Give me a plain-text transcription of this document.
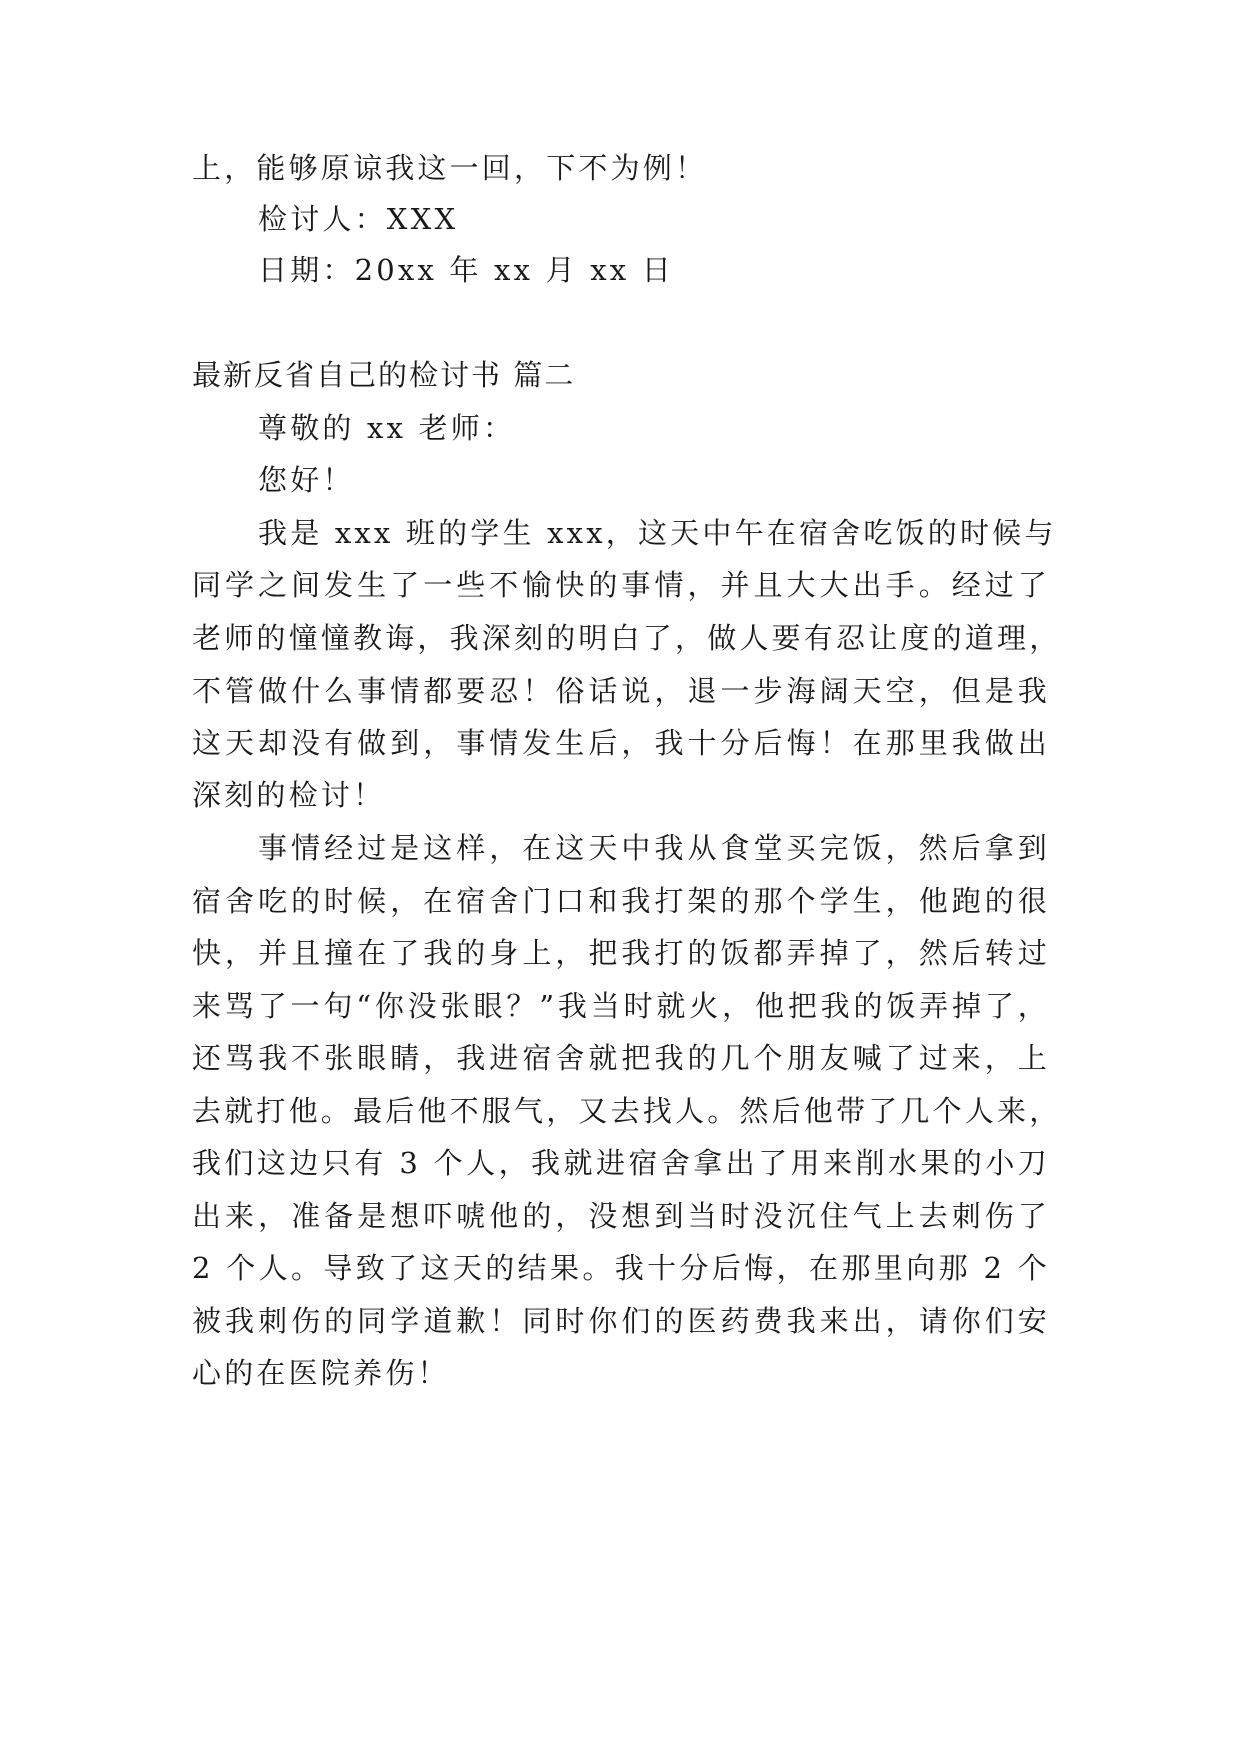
上，能够原谅我这一回，下不为例！
检讨人：XXX
日期：20xx 年 xx 月 xx 日
最新反省自己的检讨书 篇二
尊敬的 xx 老师：
您好！
我是 xxx 班的学生 xxx，这天中午在宿舍吃饭的时候与
同学之间发生了一些不愉快的事情，并且大大出手。经过了
老师的憧憧教诲，我深刻的明白了，做人要有忍让度的道理，
不管做什么事情都要忍！俗话说，退一步海阔天空，但是我
这天却没有做到，事情发生后，我十分后悔！在那里我做出
深刻的检讨！
事情经过是这样，在这天中我从食堂买完饭，然后拿到
宿舍吃的时候，在宿舍门口和我打架的那个学生，他跑的很
快，并且撞在了我的身上，把我打的饭都弄掉了，然后转过
来骂了一句“你没张眼？”我当时就火，他把我的饭弄掉了，
还骂我不张眼睛，我进宿舍就把我的几个朋友喊了过来，上
去就打他。最后他不服气，又去找人。然后他带了几个人来，
我们这边只有 3 个人，我就进宿舍拿出了用来削水果的小刀
出来，准备是想吓唬他的，没想到当时没沉住气上去刺伤了
2 个人。导致了这天的结果。我十分后悔，在那里向那 2 个
被我刺伤的同学道歉！同时你们的医药费我来出，请你们安
心的在医院养伤！
